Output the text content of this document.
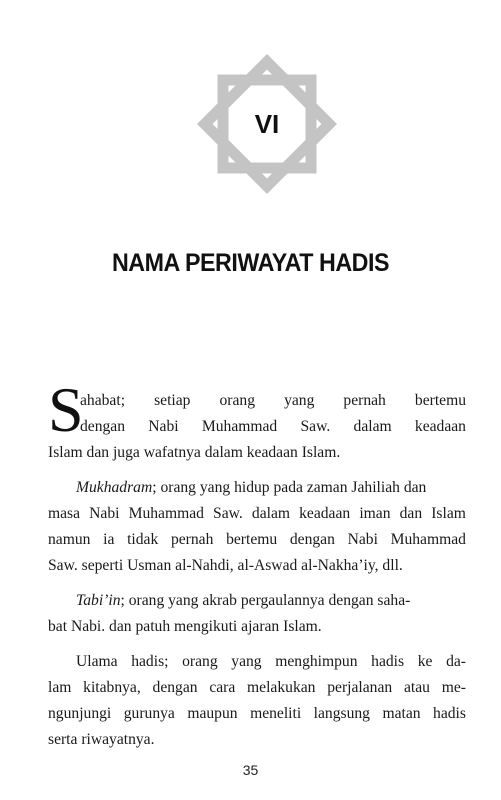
VI
NAMA PERIWAYAT HADIS
S
ahabat; setiap orang yang pernah bertemu
dengan Nabi Muhammad Saw. dalam keadaan
Islam dan juga wafatnya dalam keadaan Islam.
Mukhadram; orang yang hidup pada zaman Jahiliah dan
masa Nabi Muhammad Saw. dalam keadaan iman dan Islam
namun ia tidak pernah bertemu dengan Nabi Muhammad
Saw. seperti Usman al-Nahdi, al-Aswad al-Nakha’iy, dll.
Tabi’in; orang yang akrab pergaulannya dengan saha-
bat Nabi. dan patuh mengikuti ajaran Islam.
Ulama hadis; orang yang menghimpun hadis ke da-
lam kitabnya, dengan cara melakukan perjalanan atau me-
ngunjungi gurunya maupun meneliti langsung matan hadis
serta riwayatnya.
35
